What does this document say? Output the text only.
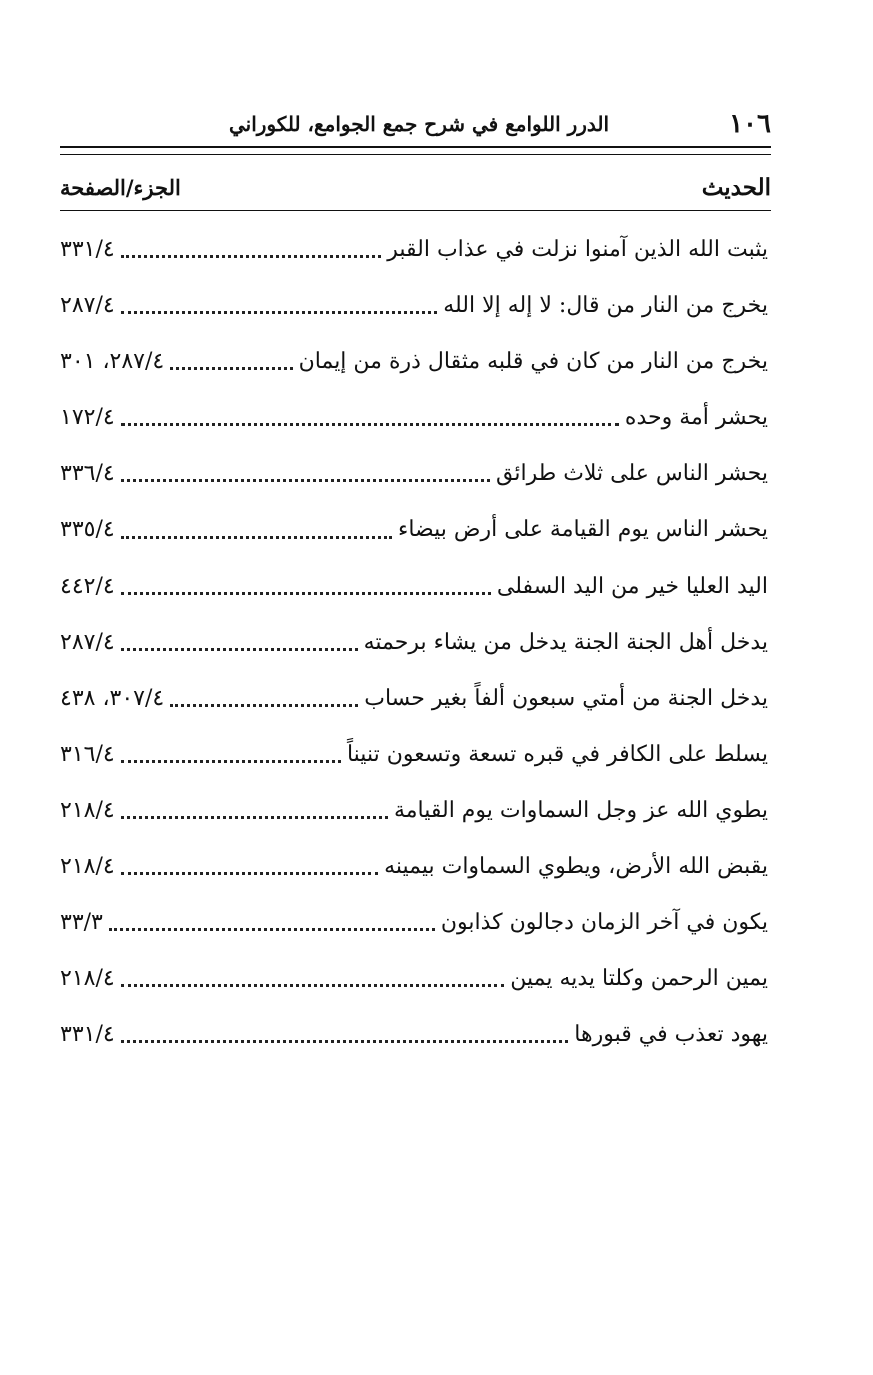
١٠٦
الدرر اللوامع في شرح جمع الجوامع، للكوراني
الحديث
الجزء/الصفحة
يثبت الله الذين آمنوا نزلت في عذاب القبر
٣٣١/٤
يخرج من النار من قال: لا إله إلا الله
٢٨٧/٤
يخرج من النار من كان في قلبه مثقال ذرة من إيمان
٢٨٧/٤، ٣٠١
يحشر أمة وحده
١٧٢/٤
يحشر الناس على ثلاث طرائق
٣٣٦/٤
يحشر الناس يوم القيامة على أرض بيضاء
٣٣٥/٤
اليد العليا خير من اليد السفلى
٤٤٢/٤
يدخل أهل الجنة الجنة يدخل من يشاء برحمته
٢٨٧/٤
يدخل الجنة من أمتي سبعون ألفاً بغير حساب
٣٠٧/٤، ٤٣٨
يسلط على الكافر في قبره تسعة وتسعون تنيناً
٣١٦/٤
يطوي الله عز وجل السماوات يوم القيامة
٢١٨/٤
يقبض الله الأرض، ويطوي السماوات بيمينه
٢١٨/٤
يكون في آخر الزمان دجالون كذابون
٣٣/٣
يمين الرحمن وكلتا يديه يمين
٢١٨/٤
يهود تعذب في قبورها
٣٣١/٤
